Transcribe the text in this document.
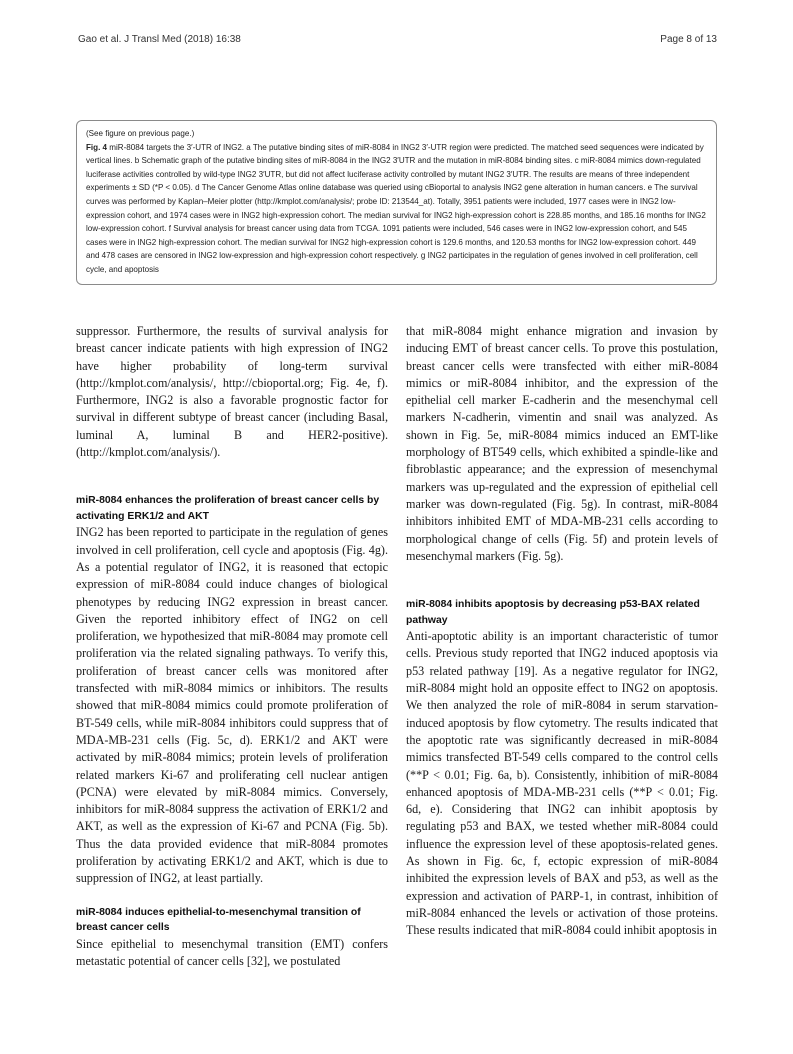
Gao et al. J Transl Med (2018) 16:38	Page 8 of 13

(See figure on previous page.)

Fig. 4 miR-8084 targets the 3′-UTR of ING2. a The putative binding sites of miR-8084 in ING2 3′-UTR region were predicted. The matched seed sequences were indicated by vertical lines. b Schematic graph of the putative binding sites of miR-8084 in the ING2 3′UTR and the mutation in miR-8084 binding sites. c miR-8084 mimics down-regulated luciferase activities controlled by wild-type ING2 3′UTR, but did not affect luciferase activity controlled by mutant ING2 3′UTR. The results are means of three independent experiments ± SD (*P < 0.05). d The Cancer Genome Atlas online database was queried using cBioportal to analysis ING2 gene alteration in human cancers. e The survival curves was performed by Kaplan–Meier plotter (http://kmplot.com/analysis/; probe ID: 213544_at). Totally, 3951 patients were included, 1977 cases were in ING2 low-expression cohort, and 1974 cases were in ING2 high-expression cohort. The median survival for ING2 high-expression cohort is 228.85 months, and 185.16 months for ING2 low-expression cohort. f Survival analysis for breast cancer using data from TCGA. 1091 patients were included, 546 cases were in ING2 low-expression cohort, and 545 cases were in ING2 high-expression cohort. The median survival for ING2 high-expression cohort is 129.6 months, and 120.53 months for ING2 low-expression cohort. 449 and 478 cases are censored in ING2 low-expression and high-expression cohort respectively. g ING2 participates in the regulation of genes involved in cell proliferation, cell cycle, and apoptosis

suppressor. Furthermore, the results of survival analysis for breast cancer indicate patients with high expression of ING2 have higher probability of long-term survival (http://kmplot.com/analysis/, http://cbioportal.org; Fig. 4e, f). Furthermore, ING2 is also a favorable prognostic factor for survival in different subtype of breast cancer (including Basal, luminal A, luminal B and HER2-positive). (http://kmplot.com/analysis/).

miR-8084 enhances the proliferation of breast cancer cells by activating ERK1/2 and AKT

ING2 has been reported to participate in the regulation of genes involved in cell proliferation, cell cycle and apoptosis (Fig. 4g). As a potential regulator of ING2, it is reasoned that ectopic expression of miR-8084 could induce changes of biological phenotypes by reducing ING2 expression in breast cancer. Given the reported inhibitory effect of ING2 on cell proliferation, we hypothesized that miR-8084 may promote cell proliferation via the related signaling pathways. To verify this, proliferation of breast cancer cells was monitored after transfected with miR-8084 mimics or inhibitors. The results showed that miR-8084 mimics could promote proliferation of BT-549 cells, while miR-8084 inhibitors could suppress that of MDA-MB-231 cells (Fig. 5c, d). ERK1/2 and AKT were activated by miR-8084 mimics; protein levels of proliferation related markers Ki-67 and proliferating cell nuclear antigen (PCNA) were elevated by miR-8084 mimics. Conversely, inhibitors for miR-8084 suppress the activation of ERK1/2 and AKT, as well as the expression of Ki-67 and PCNA (Fig. 5b). Thus the data provided evidence that miR-8084 promotes proliferation by activating ERK1/2 and AKT, which is due to suppression of ING2, at least partially.

miR-8084 induces epithelial-to-mesenchymal transition of breast cancer cells

Since epithelial to mesenchymal transition (EMT) confers metastatic potential of cancer cells [32], we postulated

that miR-8084 might enhance migration and invasion by inducing EMT of breast cancer cells. To prove this postulation, breast cancer cells were transfected with either miR-8084 mimics or miR-8084 inhibitor, and the expression of the epithelial cell marker E-cadherin and the mesenchymal cell markers N-cadherin, vimentin and snail was analyzed. As shown in Fig. 5e, miR-8084 mimics induced an EMT-like morphology of BT549 cells, which exhibited a spindle-like and fibroblastic appearance; and the expression of mesenchymal markers was up-regulated and the expression of epithelial cell marker was down-regulated (Fig. 5g). In contrast, miR-8084 inhibitors inhibited EMT of MDA-MB-231 cells according to morphological change of cells (Fig. 5f) and protein levels of mesenchymal markers (Fig. 5g).

miR-8084 inhibits apoptosis by decreasing p53-BAX related pathway

Anti-apoptotic ability is an important characteristic of tumor cells. Previous study reported that ING2 induced apoptosis via p53 related pathway [19]. As a negative regulator for ING2, miR-8084 might hold an opposite effect to ING2 on apoptosis. We then analyzed the role of miR-8084 in serum starvation-induced apoptosis by flow cytometry. The results indicated that the apoptotic rate was significantly decreased in miR-8084 mimics transfected BT-549 cells compared to the control cells (**P < 0.01; Fig. 6a, b). Consistently, inhibition of miR-8084 enhanced apoptosis of MDA-MB-231 cells (**P < 0.01; Fig. 6d, e). Considering that ING2 can inhibit apoptosis by regulating p53 and BAX, we tested whether miR-8084 could influence the expression level of these apoptosis-related genes. As shown in Fig. 6c, f, ectopic expression of miR-8084 inhibited the expression levels of BAX and p53, as well as the expression and activation of PARP-1, in contrast, inhibition of miR-8084 enhanced the levels or activation of those proteins. These results indicated that miR-8084 could inhibit apoptosis in
